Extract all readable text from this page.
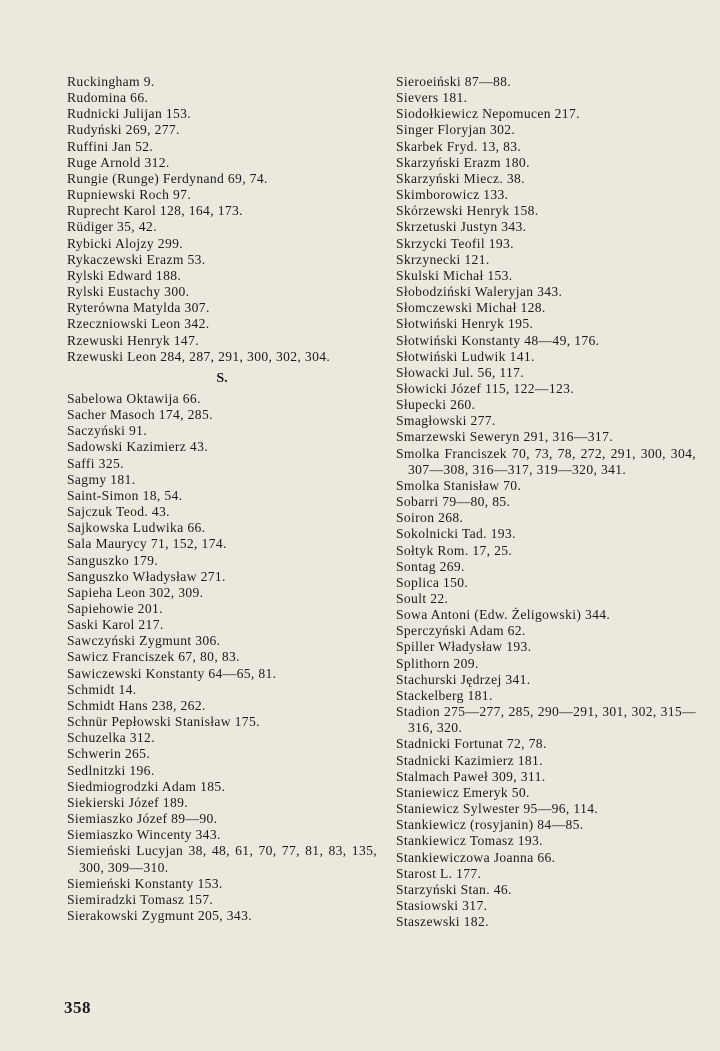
Ruckingham 9.
Rudomina 66.
Rudnicki Julijan 153.
Rudyński 269, 277.
Ruffini Jan 52.
Ruge Arnold 312.
Rungie (Runge) Ferdynand 69, 74.
Rupniewski Roch 97.
Ruprecht Karol 128, 164, 173.
Rüdiger 35, 42.
Rybicki Alojzy 299.
Rykaczewski Erazm 53.
Rylski Edward 188.
Rylski Eustachy 300.
Ryterówna Matylda 307.
Rzeczniowski Leon 342.
Rzewuski Henryk 147.
Rzewuski Leon 284, 287, 291, 300, 302, 304.
S.
Sabelowa Oktawija 66.
Sacher Masoch 174, 285.
Saczyński 91.
Sadowski Kazimierz 43.
Saffi 325.
Sagmy 181.
Saint-Simon 18, 54.
Sajczuk Teod. 43.
Sajkowska Ludwika 66.
Sala Maurycy 71, 152, 174.
Sanguszko 179.
Sanguszko Władysław 271.
Sapieha Leon 302, 309.
Sapiehowie 201.
Saski Karol 217.
Sawczyński Zygmunt 306.
Sawicz Franciszek 67, 80, 83.
Sawiczewski Konstanty 64—65, 81.
Schmidt 14.
Schmidt Hans 238, 262.
Schnür Pepłowski Stanisław 175.
Schuzelka 312.
Schwerin 265.
Sedlnitzki 196.
Siedmiogrodzki Adam 185.
Siekierski Józef 189.
Siemiaszko Józef 89—90.
Siemiaszko Wincenty 343.
Siemieński Lucyjan 38, 48, 61, 70, 77, 81, 83, 135, 300, 309—310.
Siemieński Konstanty 153.
Siemiradzki Tomasz 157.
Sierakowski Zygmunt 205, 343.
Sieroeiński 87—88.
Sievers 181.
Siodołkiewicz Nepomucen 217.
Singer Floryjan 302.
Skarbek Fryd. 13, 83.
Skarzyński Erazm 180.
Skarzyński Miecz. 38.
Skimborowicz 133.
Skórzewski Henryk 158.
Skrzetuski Justyn 343.
Skrzycki Teofil 193.
Skrzynecki 121.
Skulski Michał 153.
Słobodziński Waleryjan 343.
Słomczewski Michał 128.
Słotwiński Henryk 195.
Słotwiński Konstanty 48—49, 176.
Słotwiński Ludwik 141.
Słowacki Jul. 56, 117.
Słowicki Józef 115, 122—123.
Słupecki 260.
Smagłowski 277.
Smarzewski Seweryn 291, 316—317.
Smolka Franciszek 70, 73, 78, 272, 291, 300, 304, 307—308, 316—317, 319—320, 341.
Smolka Stanisław 70.
Sobarri 79—80, 85.
Soiron 268.
Sokolnicki Tad. 193.
Sołtyk Rom. 17, 25.
Sontag 269.
Soplica 150.
Soult 22.
Sowa Antoni (Edw. Żeligowski) 344.
Sperczyński Adam 62.
Spiller Władysław 193.
Splithorn 209.
Stachurski Jędrzej 341.
Stackelberg 181.
Stadion 275—277, 285, 290—291, 301, 302, 315—316, 320.
Stadnicki Fortunat 72, 78.
Stadnicki Kazimierz 181.
Stalmach Paweł 309, 311.
Staniewicz Emeryk 50.
Staniewicz Sylwester 95—96, 114.
Stankiewicz (rosyjanin) 84—85.
Stankiewicz Tomasz 193.
Stankiewiczowa Joanna 66.
Starost L. 177.
Starzyński Stan. 46.
Stasiowski 317.
Staszewski 182.
358
